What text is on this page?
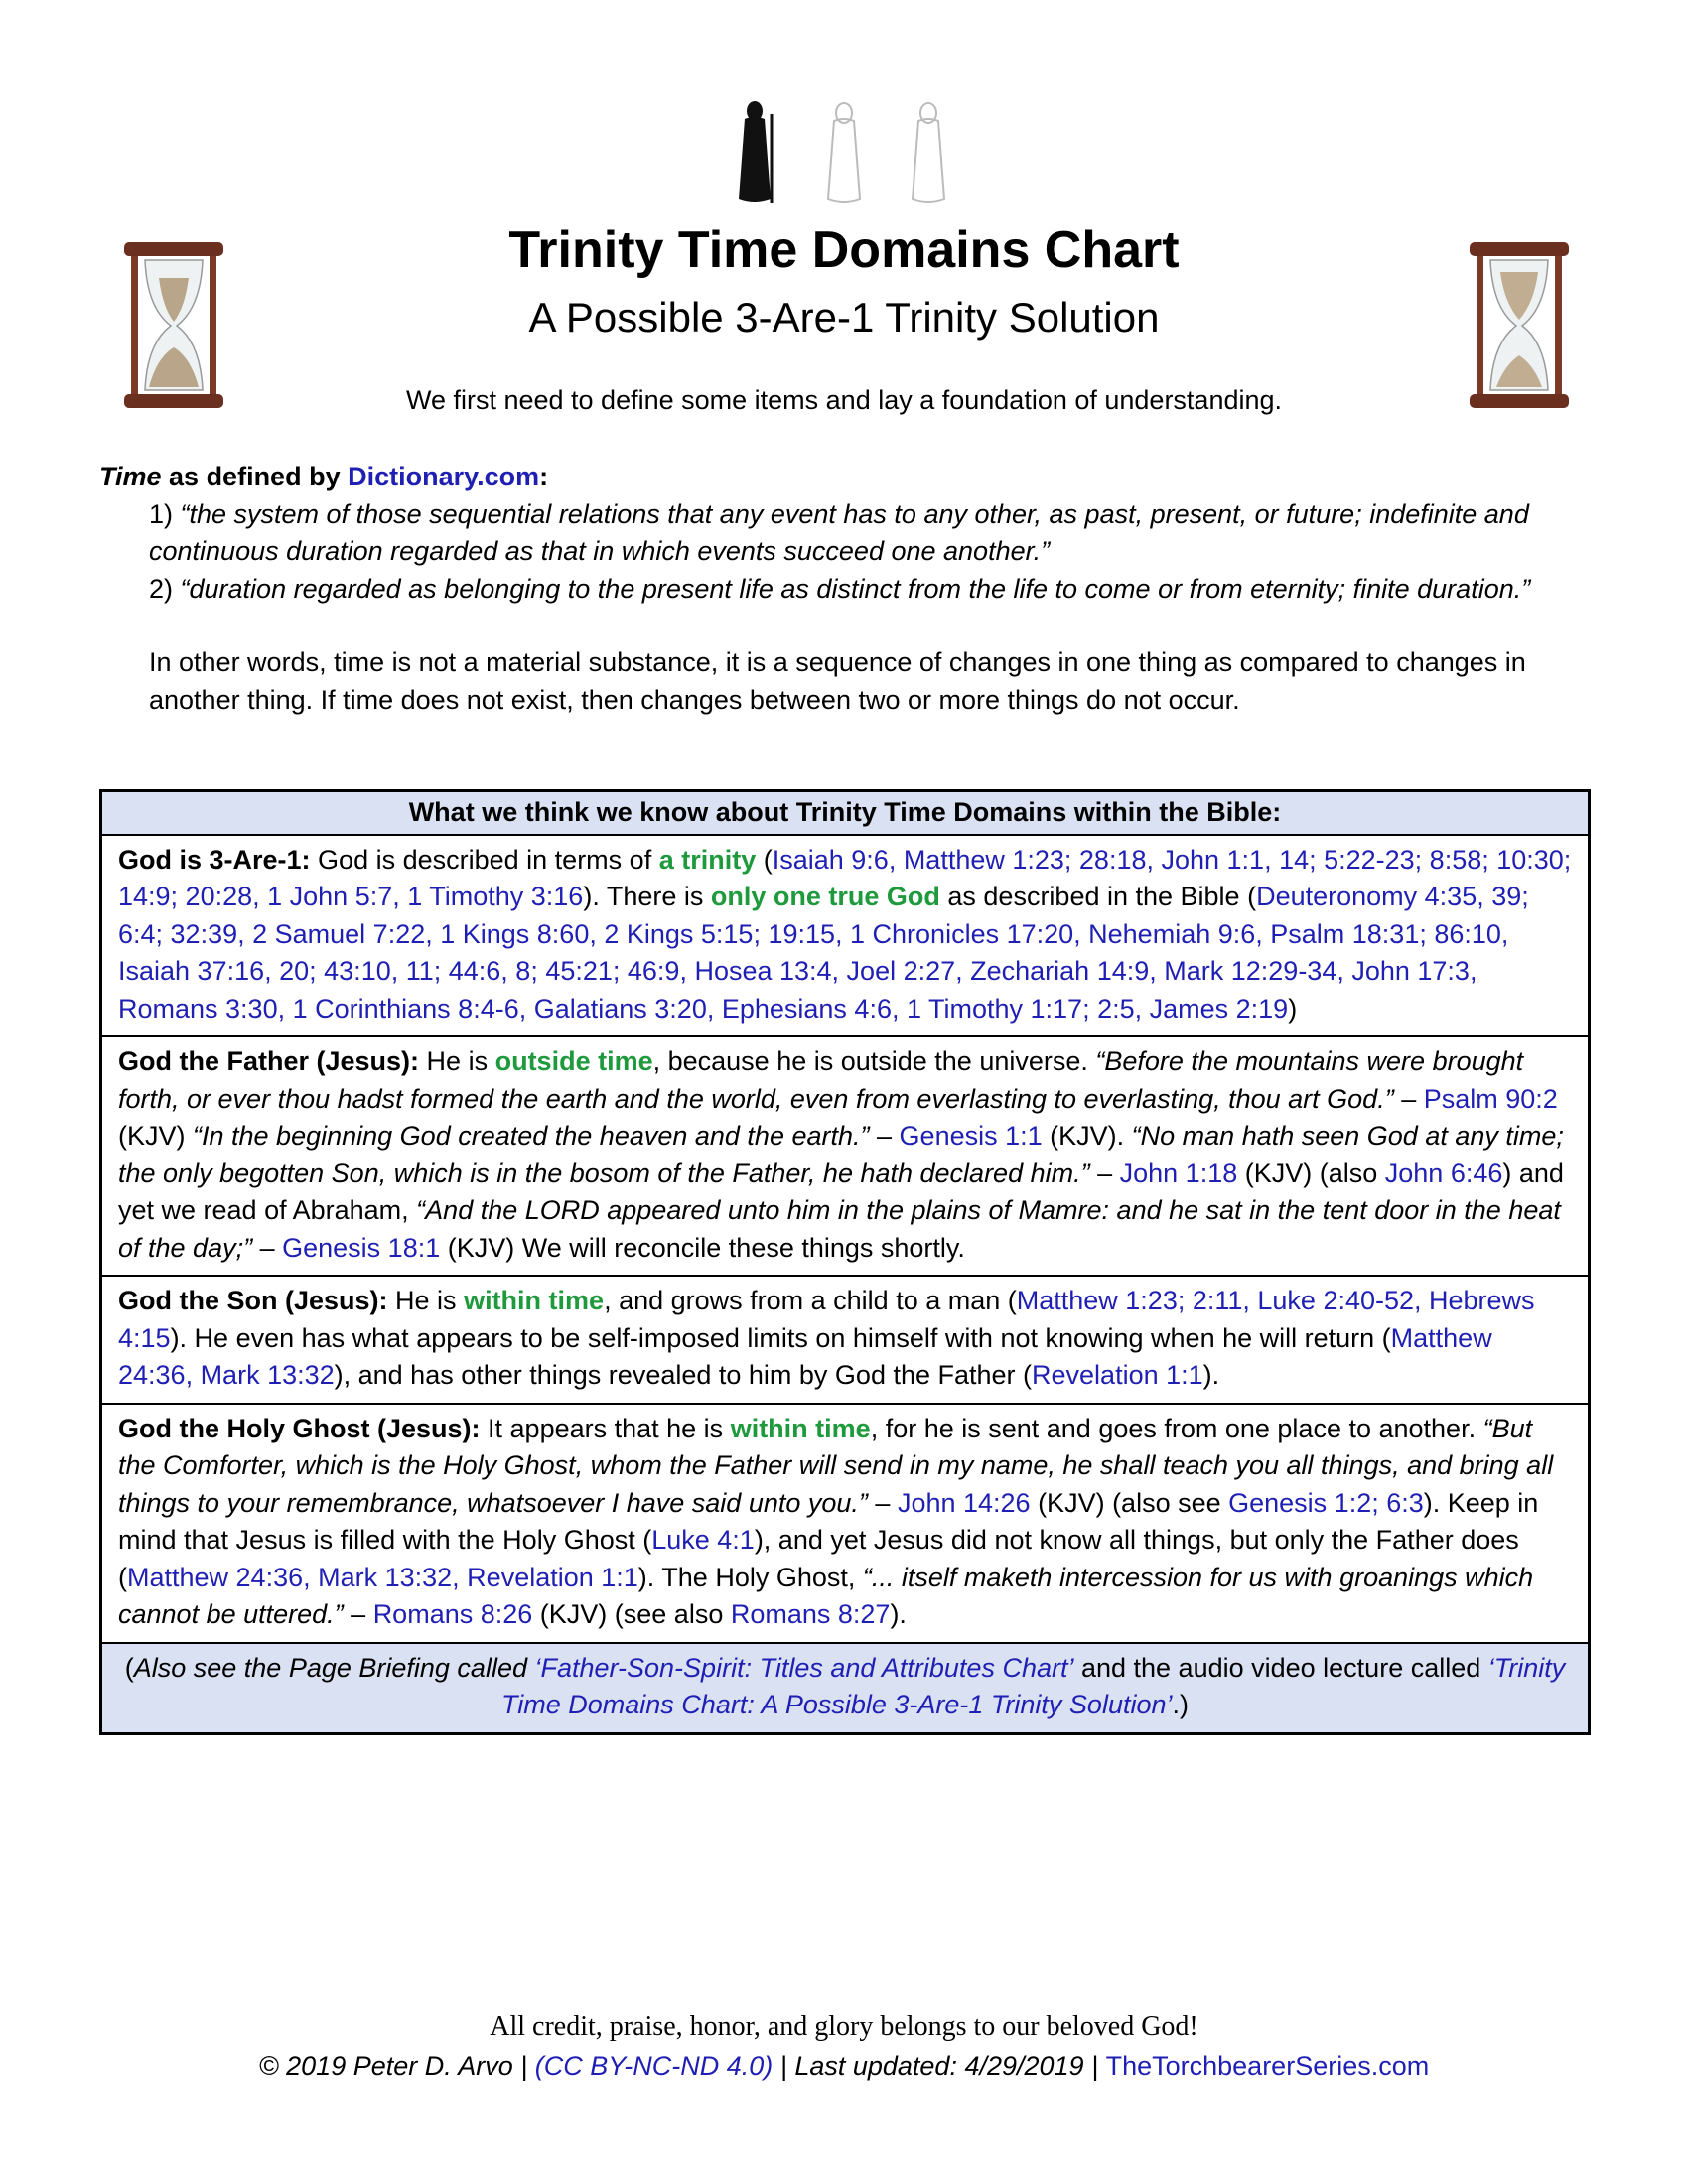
Trinity Time Domains Chart
A Possible 3-Are-1 Trinity Solution
We first need to define some items and lay a foundation of understanding.

Time as defined by Dictionary.com:

1) “the system of those sequential relations that any event has to any other, as past, present, or future; indefinite and continuous duration regarded as that in which events succeed one another.”

2) “duration regarded as belonging to the present life as distinct from the life to come or from eternity; finite duration.”

In other words, time is not a material substance, it is a sequence of changes in one thing as compared to changes in another thing. If time does not exist, then changes between two or more things do not occur.

What we think we know about Trinity Time Domains within the Bible:
God is 3-Are-1: God is described in terms of a trinity (Isaiah 9:6, Matthew 1:23; 28:18, John 1:1, 14; 5:22-23; 8:58; 10:30; 14:9; 20:28, 1 John 5:7, 1 Timothy 3:16). There is only one true God as described in the Bible (Deuteronomy 4:35, 39; 6:4; 32:39, 2 Samuel 7:22, 1 Kings 8:60, 2 Kings 5:15; 19:15, 1 Chronicles 17:20, Nehemiah 9:6, Psalm 18:31; 86:10, Isaiah 37:16, 20; 43:10, 11; 44:6, 8; 45:21; 46:9, Hosea 13:4, Joel 2:27, Zechariah 14:9, Mark 12:29-34, John 17:3, Romans 3:30, 1 Corinthians 8:4-6, Galatians 3:20, Ephesians 4:6, 1 Timothy 1:17; 2:5, James 2:19)
God the Father (Jesus): He is outside time, because he is outside the universe. “Before the mountains were brought forth, or ever thou hadst formed the earth and the world, even from everlasting to everlasting, thou art God.” – Psalm 90:2 (KJV) “In the beginning God created the heaven and the earth.” – Genesis 1:1 (KJV). “No man hath seen God at any time; the only begotten Son, which is in the bosom of the Father, he hath declared him.” – John 1:18 (KJV) (also John 6:46) and yet we read of Abraham, “And the LORD appeared unto him in the plains of Mamre: and he sat in the tent door in the heat of the day;” – Genesis 18:1 (KJV) We will reconcile these things shortly.
God the Son (Jesus): He is within time, and grows from a child to a man (Matthew 1:23; 2:11, Luke 2:40-52, Hebrews 4:15). He even has what appears to be self-imposed limits on himself with not knowing when he will return (Matthew 24:36, Mark 13:32), and has other things revealed to him by God the Father (Revelation 1:1).
God the Holy Ghost (Jesus): It appears that he is within time, for he is sent and goes from one place to another. “But the Comforter, which is the Holy Ghost, whom the Father will send in my name, he shall teach you all things, and bring all things to your remembrance, whatsoever I have said unto you.” – John 14:26 (KJV) (also see Genesis 1:2; 6:3). Keep in mind that Jesus is filled with the Holy Ghost (Luke 4:1), and yet Jesus did not know all things, but only the Father does (Matthew 24:36, Mark 13:32, Revelation 1:1). The Holy Ghost, “... itself maketh intercession for us with groanings which cannot be uttered.” – Romans 8:26 (KJV) (see also Romans 8:27).
(Also see the Page Briefing called ‘Father-Son-Spirit: Titles and Attributes Chart’ and the audio video lecture called ‘Trinity Time Domains Chart: A Possible 3-Are-1 Trinity Solution’.)
All credit, praise, honor, and glory belongs to our beloved God!
© 2019 Peter D. Arvo | (CC BY-NC-ND 4.0) | Last updated: 4/29/2019 | TheTorchbearerSeries.com
